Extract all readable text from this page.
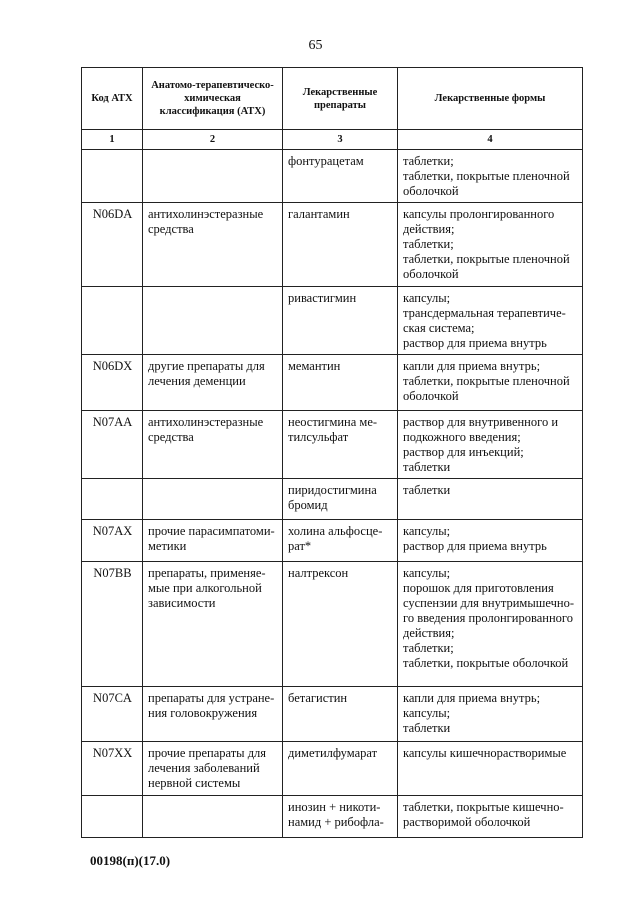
65
Код АТХ	Анатомо-терапевтическо-химическая классификация (АТХ)	Лекарственные препараты	Лекарственные формы
1	2	3	4
		фонтурацетам	таблетки;
таблетки, покрытые пленочной оболочкой
N06DA	антихолинэстеразные средства	галантамин	капсулы пролонгированного действия;
таблетки;
таблетки, покрытые пленочной оболочкой
		ривастигмин	капсулы;
трансдермальная терапевтиче-ская система;
раствор для приема внутрь
N06DX	другие препараты для лечения деменции	мемантин	капли для приема внутрь;
таблетки, покрытые пленочной оболочкой
N07AA	антихолинэстеразные средства	неостигмина ме-тилсульфат	раствор для внутривенного и подкожного введения;
раствор для инъекций;
таблетки
		пиридостигмина бромид	таблетки
N07AX	прочие парасимпатоми-метики	холина альфосце-рат*	капсулы;
раствор для приема внутрь
N07BB	препараты, применяе-мые при алкогольной зависимости	налтрексон	капсулы;
порошок для приготовления суспензии для внутримышечно-го введения пролонгированного действия;
таблетки;
таблетки, покрытые оболочкой
N07CA	препараты для устране-ния головокружения	бетагистин	капли для приема внутрь;
капсулы;
таблетки
N07XX	прочие препараты для лечения заболеваний нервной системы	диметилфумарат	капсулы кишечнорастворимые
		инозин + никоти-намид + рибофла-	таблетки, покрытые кишечно-растворимой оболочкой
00198(п)(17.0)
